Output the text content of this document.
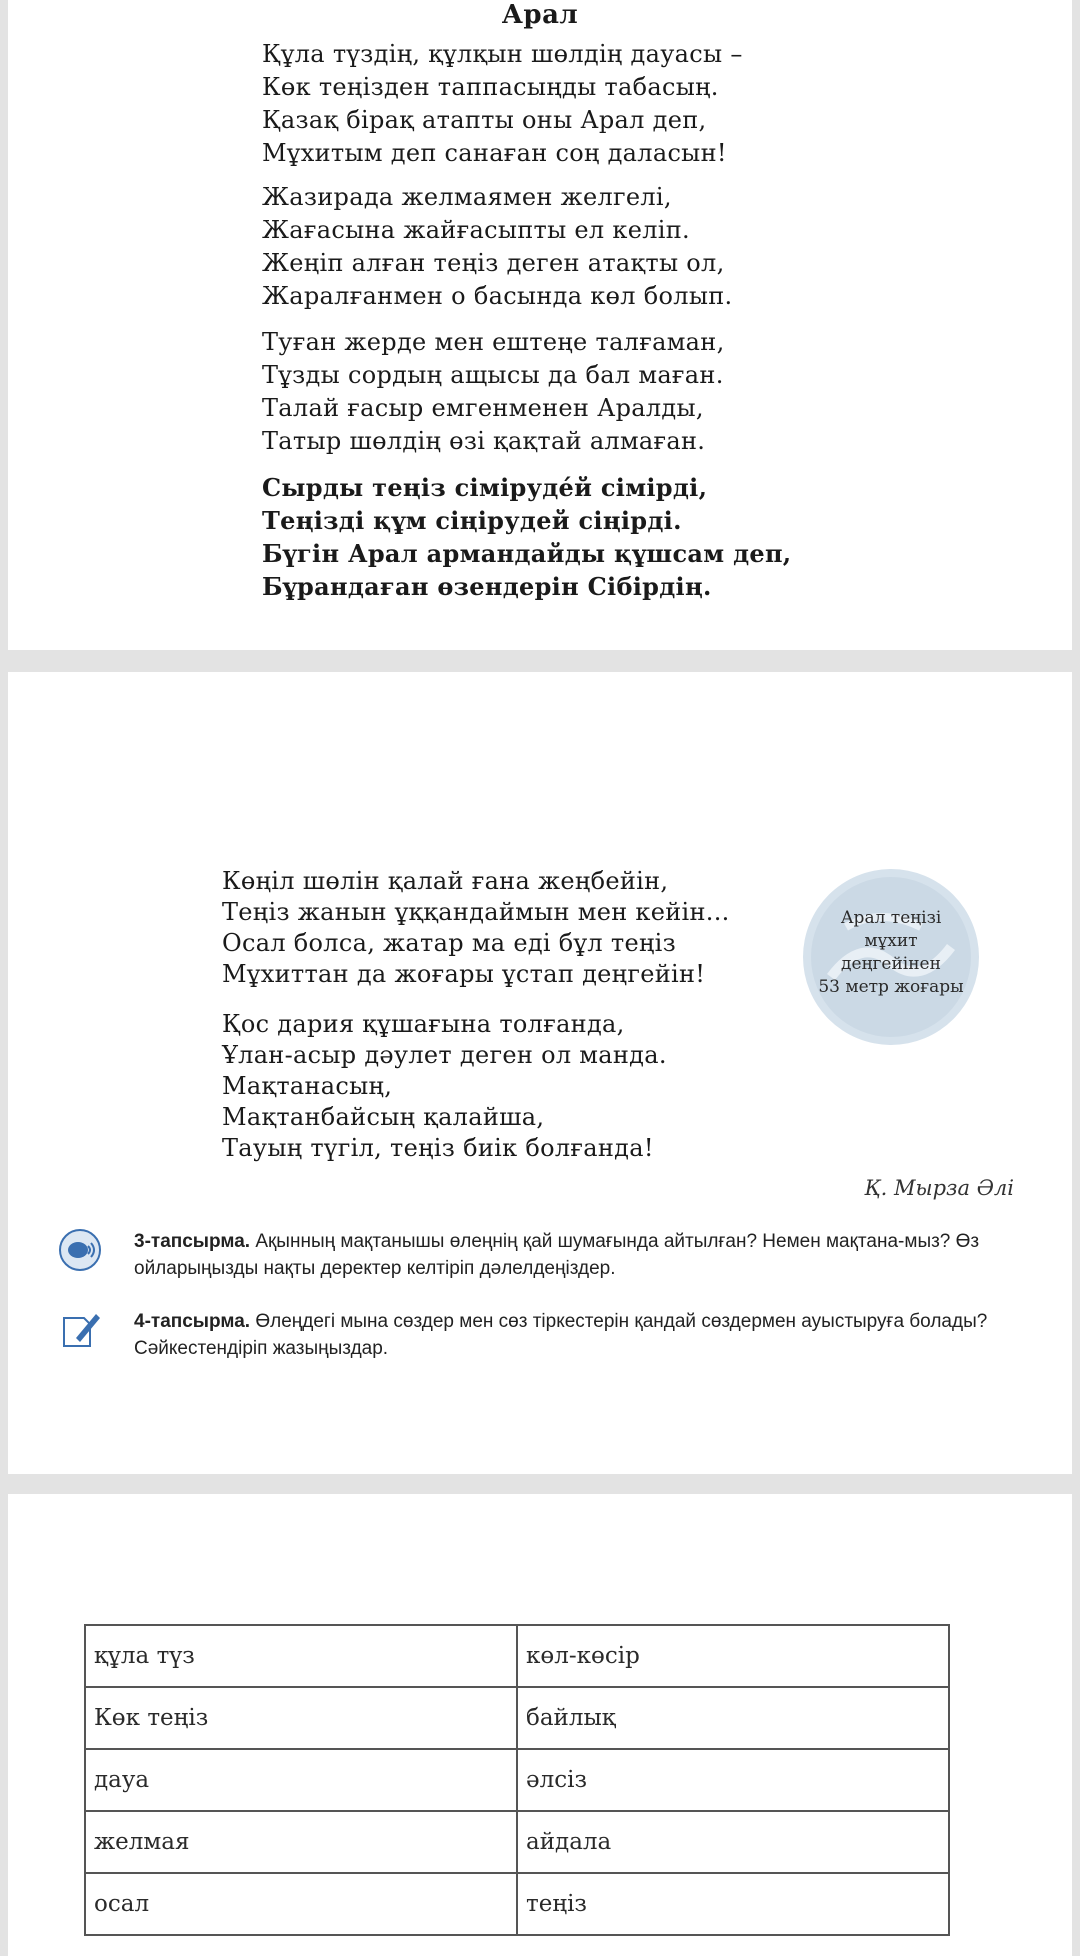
Арал
Құла түздің, құлқын шөлдің дауасы –
Көк теңізден таппасыңды табасың.
Қазақ бірақ атапты оны Арал деп,
Мұхитым деп санаған соң даласын!
Жазирада желмаямен желгелі,
Жағасына жайғасыпты ел келіп.
Жеңіп алған теңіз деген атақты ол,
Жаралғанмен о басында көл болып.
Туған жерде мен ештеңе талғаман,
Тұзды сордың ащысы да бал маған.
Талай ғасыр емгенменен Аралды,
Татыр шөлдің өзі қақтай алмаған.
Сырды теңіз сіміруде́й сімірді,
Теңізді құм сіңірудей сіңірді.
Бүгін Арал армандайды құшсам деп,
Бұрандаған өзендерін Сібірдің.
Көңіл шөлін қалай ғана жеңбейін,
Теңіз жанын ұққандаймын мен кейін...
Осал болса, жатар ма еді бұл теңіз
Мұхиттан да жоғары ұстап деңгейін!
Қос дария құшағына толғанда,
Ұлан-асыр дәулет деген ол манда.
Мақтанасың,
Мақтанбайсың қалайша,
Тауың түгіл, теңіз биік болғанда!
Арал теңізі
мұхит
деңгейінен
53 метр жоғары
Қ. Мырза Әлі
3-тапсырма. Ақынның мақтанышы өлеңнің қай шумағында айтылған? Немен мақтана-мыз? Өз ойларыңызды нақты деректер келтіріп дәлелдеңіздер.
4-тапсырма. Өлеңдегі мына сөздер мен сөз тіркестерін қандай сөздермен ауыстыруға болады? Сәйкестендіріп жазыңыздар.
құла түз	көл-көсір
Көк теңіз	байлық
дауа	әлсіз
желмая	айдала
осал	теңіз
